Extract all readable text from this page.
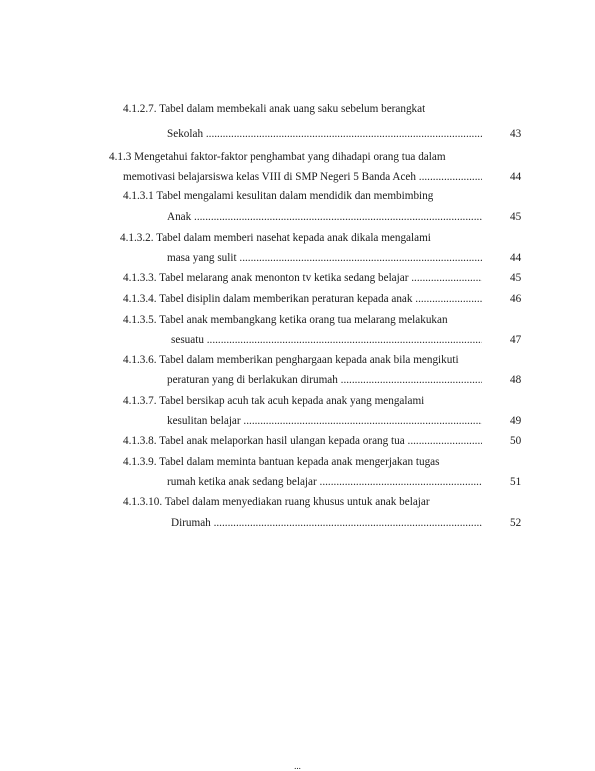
4.1.2.7. Tabel dalam membekali anak uang saku sebelum berangkat
Sekolah .....	43
4.1.3 Mengetahui faktor-faktor penghambat yang dihadapi orang tua dalam
memotivasi belajarsiswa kelas VIII di SMP Negeri 5 Banda Aceh .....	44
4.1.3.1 Tabel mengalami kesulitan dalam mendidik dan membimbing
Anak .....	45
4.1.3.2. Tabel dalam memberi nasehat kepada anak dikala mengalami
masa yang sulit .....	44
4.1.3.3. Tabel melarang anak menonton tv ketika sedang belajar .....	45
4.1.3.4. Tabel disiplin dalam memberikan peraturan kepada anak .....	46
4.1.3.5. Tabel anak membangkang ketika orang tua melarang melakukan
sesuatu .....	47
4.1.3.6. Tabel dalam memberikan penghargaan kepada anak bila mengikuti
peraturan yang di berlakukan dirumah .....	48
4.1.3.7. Tabel bersikap acuh tak acuh kepada anak yang mengalami
kesulitan belajar .....	49
4.1.3.8. Tabel anak melaporkan hasil ulangan kepada orang tua .....	50
4.1.3.9. Tabel dalam meminta bantuan kepada anak mengerjakan tugas
rumah ketika anak sedang belajar .....	51
4.1.3.10. Tabel dalam menyediakan ruang khusus untuk anak belajar
Dirumah .....	52
...
